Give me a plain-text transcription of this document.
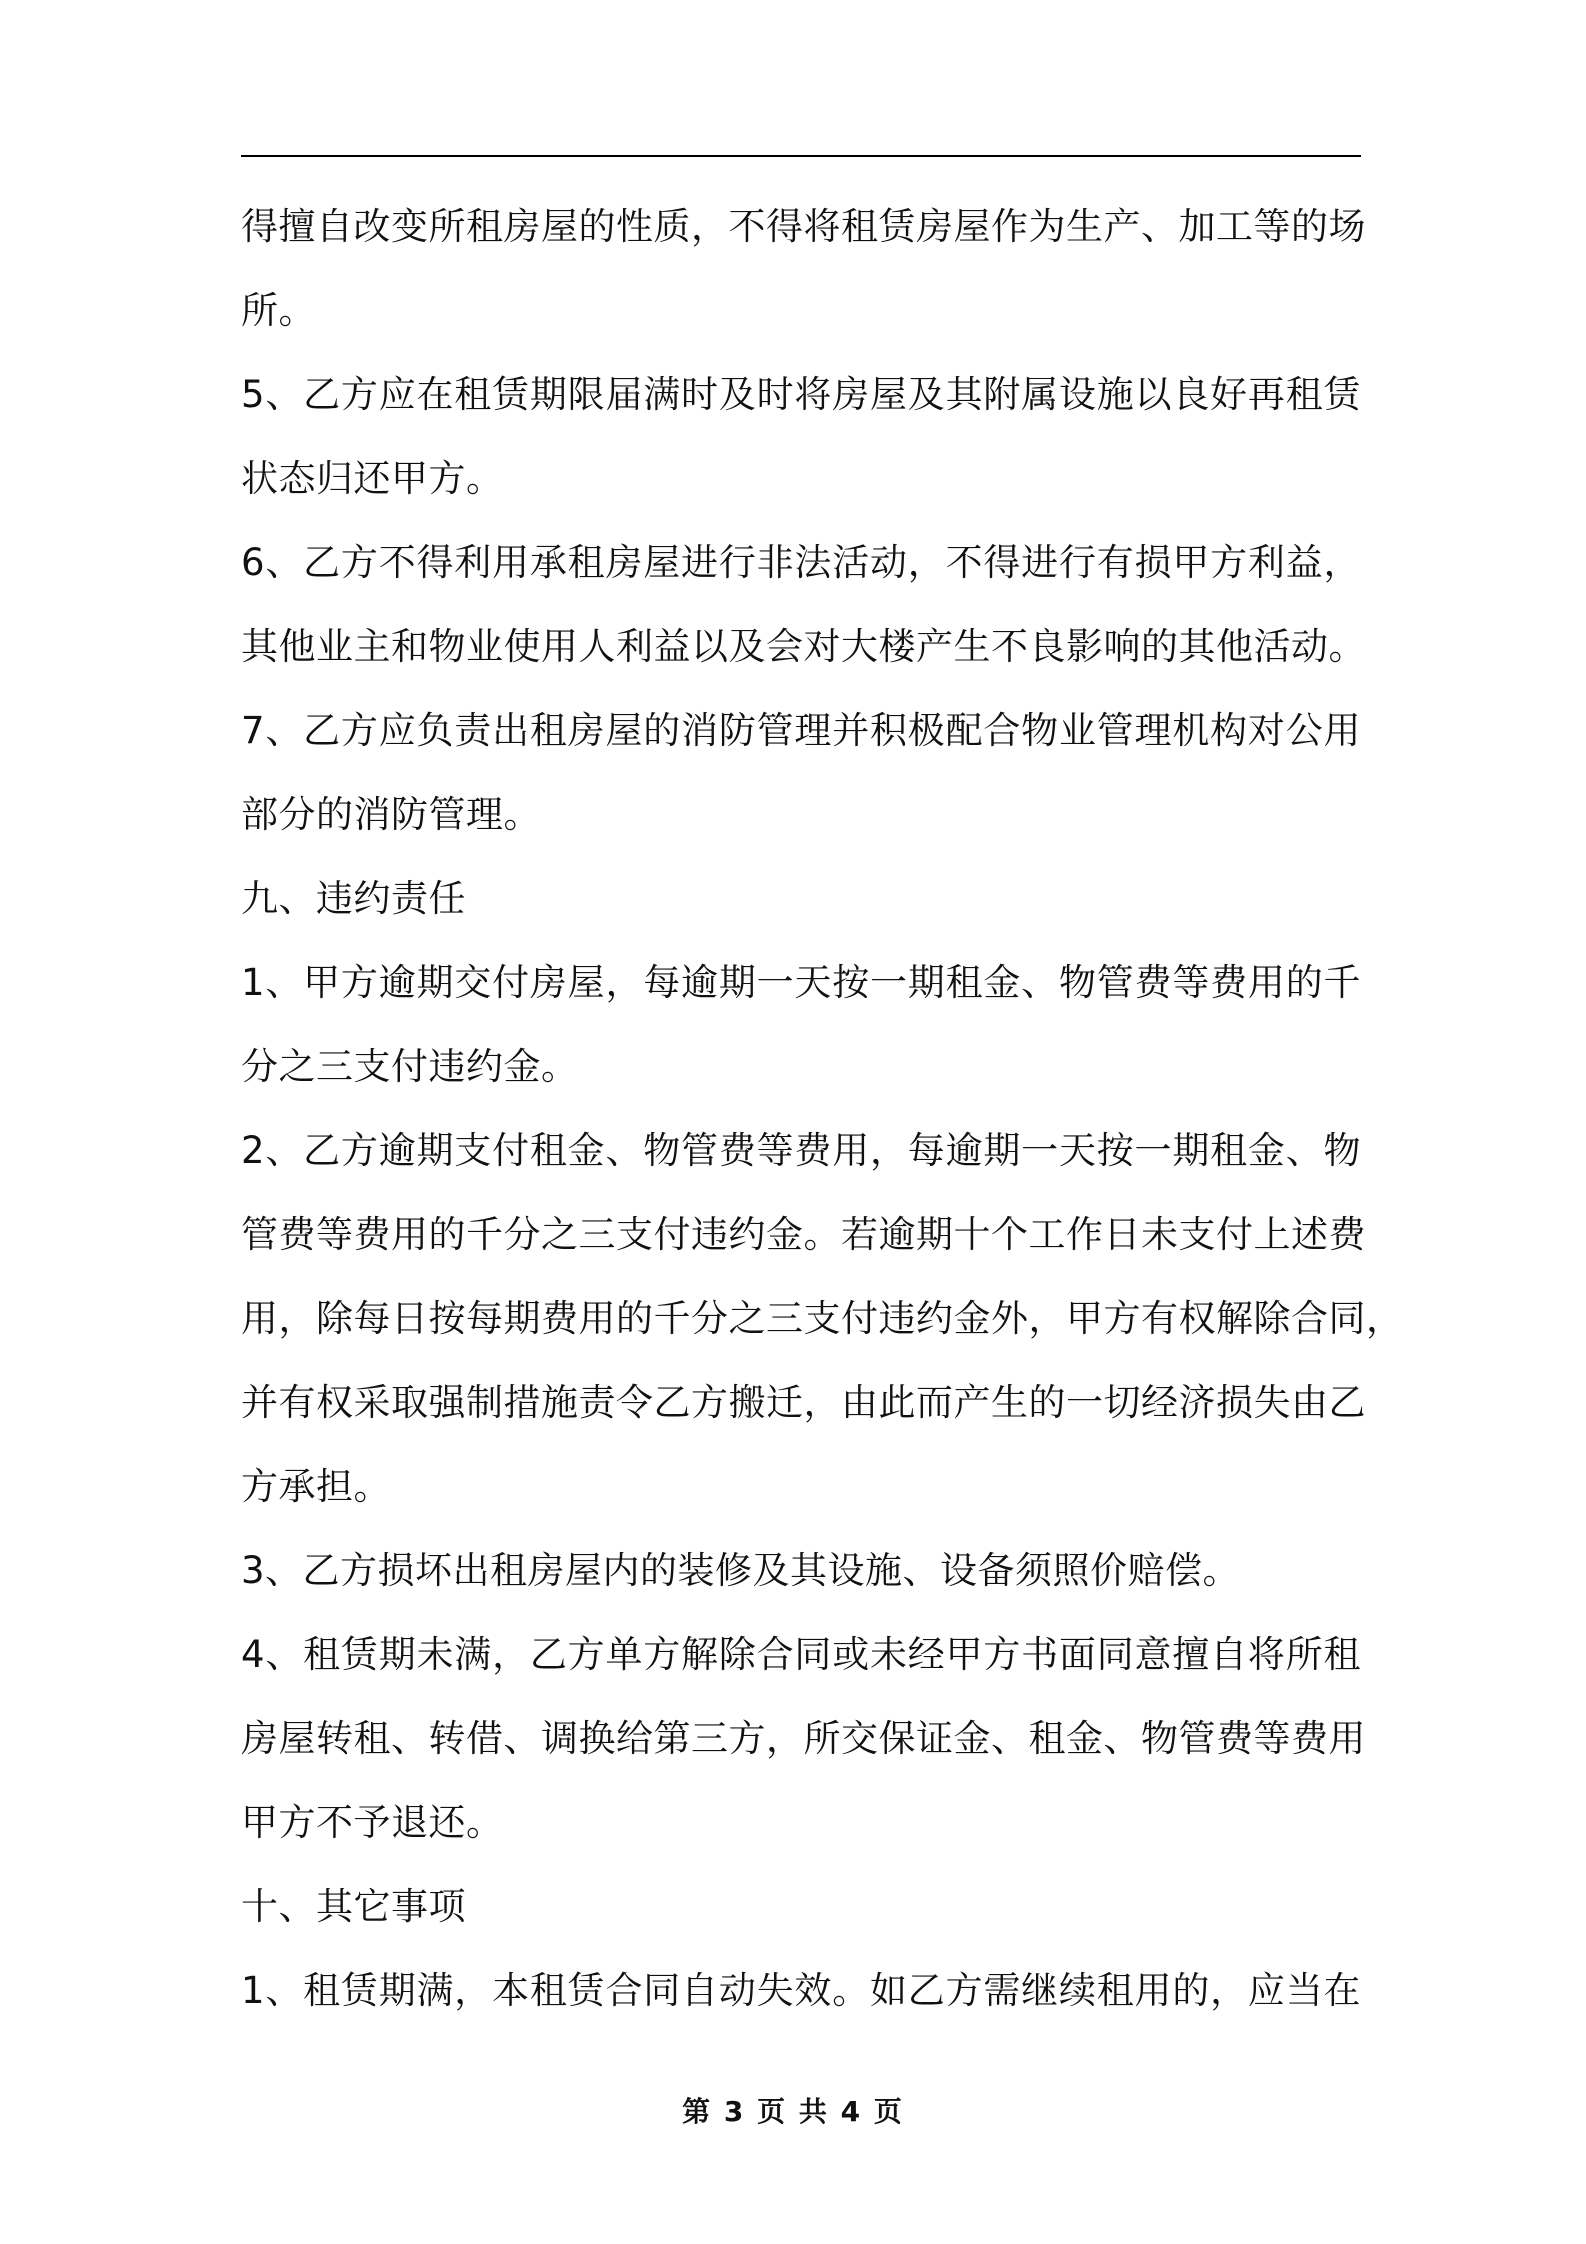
得擅自改变所租房屋的性质，不得将租赁房屋作为生产、加工等的场
所。
5、乙方应在租赁期限届满时及时将房屋及其附属设施以良好再租赁
状态归还甲方。
6、乙方不得利用承租房屋进行非法活动，不得进行有损甲方利益，
其他业主和物业使用人利益以及会对大楼产生不良影响的其他活动。
7、乙方应负责出租房屋的消防管理并积极配合物业管理机构对公用
部分的消防管理。
九、违约责任
1、甲方逾期交付房屋，每逾期一天按一期租金、物管费等费用的千
分之三支付违约金。
2、乙方逾期支付租金、物管费等费用，每逾期一天按一期租金、物
管费等费用的千分之三支付违约金。若逾期十个工作日未支付上述费
用，除每日按每期费用的千分之三支付违约金外，甲方有权解除合同，
并有权采取强制措施责令乙方搬迁，由此而产生的一切经济损失由乙
方承担。
3、乙方损坏出租房屋内的装修及其设施、设备须照价赔偿。
4、租赁期未满，乙方单方解除合同或未经甲方书面同意擅自将所租
房屋转租、转借、调换给第三方，所交保证金、租金、物管费等费用
甲方不予退还。
十、其它事项
1、租赁期满，本租赁合同自动失效。如乙方需继续租用的，应当在
第 3 页 共 4 页
